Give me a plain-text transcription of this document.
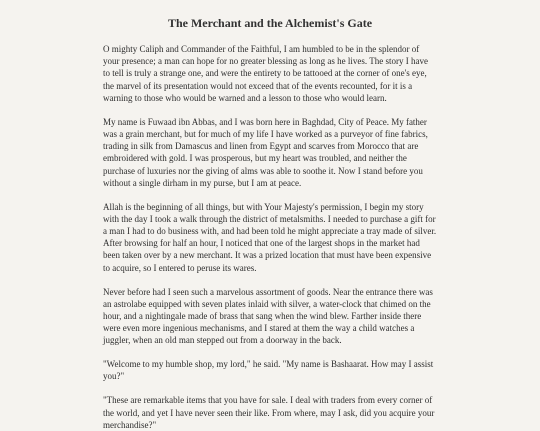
The Merchant and the Alchemist's Gate

O mighty Caliph and Commander of the Faithful, I am humbled to be in the splendor of your presence; a man can hope for no greater blessing as long as he lives. The story I have to tell is truly a strange one, and were the entirety to be tattooed at the corner of one's eye, the marvel of its presentation would not exceed that of the events recounted, for it is a warning to those who would be warned and a lesson to those who would learn.

My name is Fuwaad ibn Abbas, and I was born here in Baghdad, City of Peace. My father was a grain merchant, but for much of my life I have worked as a purveyor of fine fabrics, trading in silk from Damascus and linen from Egypt and scarves from Morocco that are embroidered with gold. I was prosperous, but my heart was troubled, and neither the purchase of luxuries nor the giving of alms was able to soothe it. Now I stand before you without a single dirham in my purse, but I am at peace.

Allah is the beginning of all things, but with Your Majesty's permission, I begin my story with the day I took a walk through the district of metalsmiths. I needed to purchase a gift for a man I had to do business with, and had been told he might appreciate a tray made of silver. After browsing for half an hour, I noticed that one of the largest shops in the market had been taken over by a new merchant. It was a prized location that must have been expensive to acquire, so I entered to peruse its wares.

Never before had I seen such a marvelous assortment of goods. Near the entrance there was an astrolabe equipped with seven plates inlaid with silver, a water-clock that chimed on the hour, and a nightingale made of brass that sang when the wind blew. Farther inside there were even more ingenious mechanisms, and I stared at them the way a child watches a juggler, when an old man stepped out from a doorway in the back.

"Welcome to my humble shop, my lord," he said. "My name is Bashaarat. How may I assist you?"

"These are remarkable items that you have for sale. I deal with traders from every corner of the world, and yet I have never seen their like. From where, may I ask, did you acquire your merchandise?"
